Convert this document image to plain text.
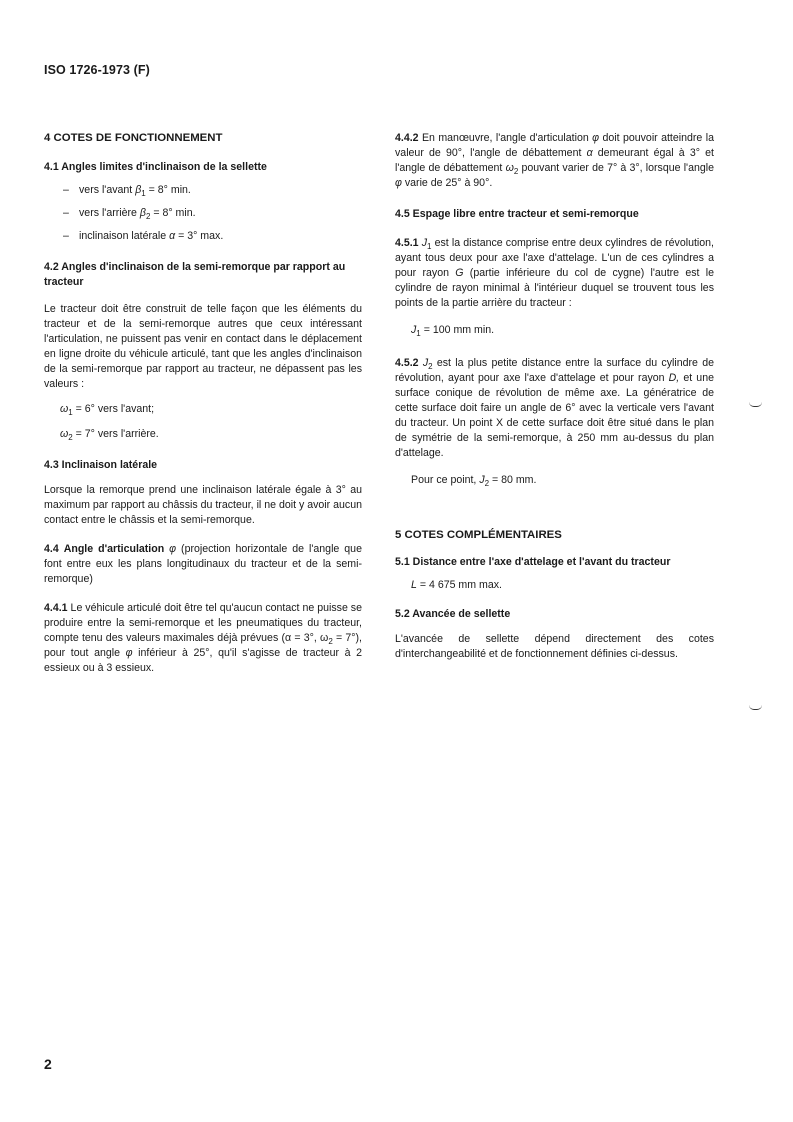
ISO 1726-1973 (F)
4 COTES DE FONCTIONNEMENT
4.1 Angles limites d'inclinaison de la sellette
– vers l'avant $\beta_1 = 8^\circ$ min.
– vers l'arrière $\beta_2 = 8^\circ$ min.
– inclinaison latérale α = 3° max.
4.2 Angles d'inclinaison de la semi-remorque par rapport au tracteur

Le tracteur doit être construit de telle façon que les éléments du tracteur et de la semi-remorque autres que ceux intéressant l'articulation, ne puissent pas venir en contact dans le déplacement en ligne droite du véhicule articulé, tant que les angles d'inclinaison de la semi-remorque par rapport au tracteur, ne dépassent pas les valeurs :

$\omega_1 = 6^\circ$ vers l'avant;

$\omega_2 = 7^\circ$ vers l'arrière.

4.3 Inclinaison latérale

Lorsque la remorque prend une inclinaison latérale égale à 3° au maximum par rapport au châssis du tracteur, il ne doit y avoir aucun contact entre le châssis et la semi-remorque.

4.4 Angle d'articulation φ (projection horizontale de l'angle que font entre eux les plans longitudinaux du tracteur et de la semi-remorque)

4.4.1 Le véhicule articulé doit être tel qu'aucun contact ne puisse se produire entre la semi-remorque et les pneumatiques du tracteur, compte tenu des valeurs maximales déjà prévues (α = 3°, $\omega_2 = 7^\circ$), pour tout angle φ inférieur à 25°, qu'il s'agisse de tracteur à 2 essieux ou à 3 essieux.

4.4.2 En manœuvre, l'angle d'articulation φ doit pouvoir atteindre la valeur de 90°, l'angle de débattement α demeurant égal à 3° et l'angle de débattement $\omega_2$ pouvant varier de 7° à 3°, lorsque l'angle φ varie de 25° à 90°.

4.5 Espage libre entre tracteur et semi-remorque

4.5.1 $J_1$ est la distance comprise entre deux cylindres de révolution, ayant tous deux pour axe l'axe d'attelage. L'un de ces cylindres a pour rayon G (partie inférieure du col de cygne) l'autre est le cylindre de rayon minimal à l'intérieur duquel se trouvent tous les points de la partie arrière du tracteur :

$J_1 = 100$ mm min.

4.5.2 $J_2$ est la plus petite distance entre la surface du cylindre de révolution, ayant pour axe l'axe d'attelage et pour rayon D, et une surface conique de révolution de même axe. La génératrice de cette surface doit faire un angle de 6° avec la verticale vers l'avant du tracteur. Un point X de cette surface doit être situé dans le plan de symétrie de la semi-remorque, à 250 mm au-dessus du plan d'attelage.

Pour ce point, $J_2 = 80$ mm.

5 COTES COMPLÉMENTAIRES
5.1 Distance entre l'axe d'attelage et l'avant du tracteur

L = 4 675 mm max.

5.2 Avancée de sellette

L'avancée de sellette dépend directement des cotes d'interchangeabilité et de fonctionnement définies ci-dessus.

2
